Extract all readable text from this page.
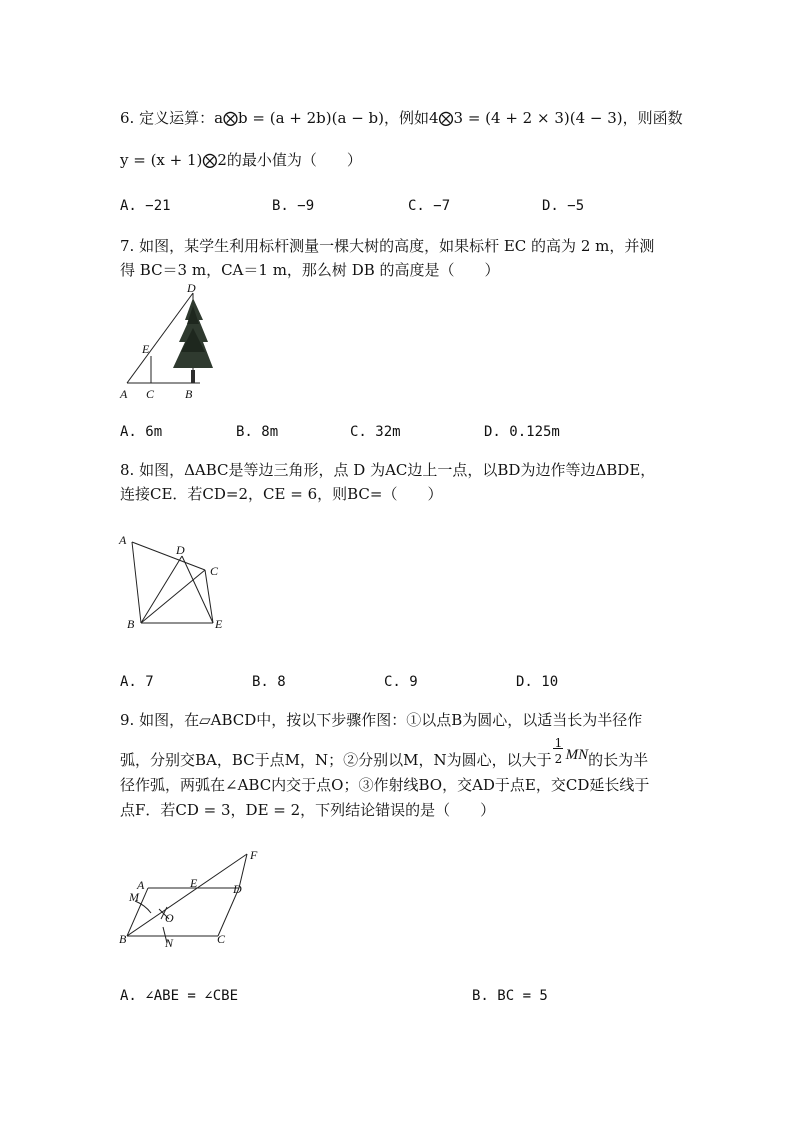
6. 定义运算：a⨂b = (a + 2b)(a − b)，例如4⨂3 = (4 + 2 × 3)(4 − 3)，则函数
y = (x + 1)⨂2的最小值为（　　）
A. −21	B. −9	C. −7	D. −5
7. 如图，某学生利用标杆测量一棵大树的高度，如果标杆 EC 的高为 2 m，并测
得 BC＝3 m，CA＝1 m，那么树 DB 的高度是（　　）
D
E
A C	B
A. 6m	B. 8m	C. 32m	D. 0.125m
8. 如图，ΔABC是等边三角形，点 D 为AC边上一点，以BD为边作等边ΔBDE，
连接CE．若CD=2，CE = 6，则BC=（　　）
A
D
C
B	E
A. 7	B. 8	C. 9	D. 10
9. 如图，在▱ABCD中，按以下步骤作图：①以点B为圆心，以适当长为半径作
弧，分别交BA，BC于点M，N；②分别以M，N为圆心，以大于 $\frac{1}{2}$ MN的长为半
径作弧，两弧在∠ABC内交于点O；③作射线BO，交AD于点E，交CD延长线于
点F．若CD = 3，DE = 2，下列结论错误的是（　　）
F
A	E	D
M
O
B	N	C
A. ∠ABE = ∠CBE	B. BC = 5
